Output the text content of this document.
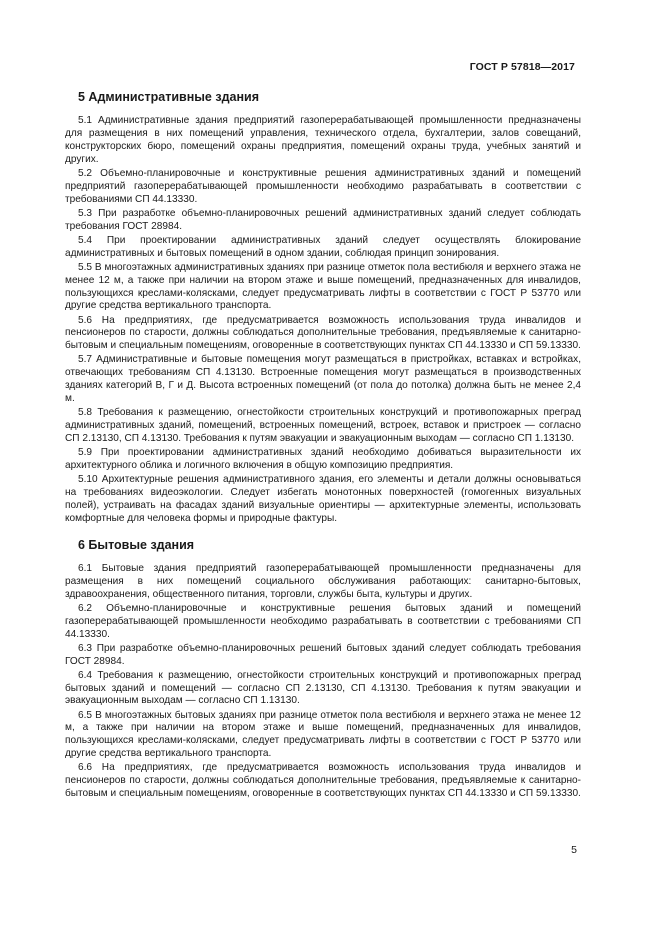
ГОСТ Р 57818—2017
5 Административные здания

5.1 Административные здания предприятий газоперерабатывающей промышленности предназначены для размещения в них помещений управления, технического отдела, бухгалтерии, залов совещаний, конструкторских бюро, помещений охраны предприятия, помещений охраны труда, учебных занятий и других.

5.2 Объемно-планировочные и конструктивные решения административных зданий и помещений предприятий газоперерабатывающей промышленности необходимо разрабатывать в соответствии с требованиями СП 44.13330.

5.3 При разработке объемно-планировочных решений административных зданий следует соблюдать требования ГОСТ 28984.

5.4 При проектировании административных зданий следует осуществлять блокирование административных и бытовых помещений в одном здании, соблюдая принцип зонирования.

5.5 В многоэтажных административных зданиях при разнице отметок пола вестибюля и верхнего этажа не менее 12 м, а также при наличии на втором этаже и выше помещений, предназначенных для инвалидов, пользующихся креслами-колясками, следует предусматривать лифты в соответствии с ГОСТ Р 53770 или другие средства вертикального транспорта.

5.6 На предприятиях, где предусматривается возможность использования труда инвалидов и пенсионеров по старости, должны соблюдаться дополнительные требования, предъявляемые к санитарно-бытовым и специальным помещениям, оговоренные в соответствующих пунктах СП 44.13330 и СП 59.13330.

5.7 Административные и бытовые помещения могут размещаться в пристройках, вставках и встройках, отвечающих требованиям СП 4.13130. Встроенные помещения могут размещаться в производственных зданиях категорий В, Г и Д. Высота встроенных помещений (от пола до потолка) должна быть не менее 2,4 м.

5.8 Требования к размещению, огнестойкости строительных конструкций и противопожарных преград административных зданий, помещений, встроенных помещений, встроек, вставок и пристроек — согласно СП 2.13130, СП 4.13130. Требования к путям эвакуации и эвакуационным выходам — согласно СП 1.13130.

5.9 При проектировании административных зданий необходимо добиваться выразительности их архитектурного облика и логичного включения в общую композицию предприятия.

5.10 Архитектурные решения административного здания, его элементы и детали должны основываться на требованиях видеоэкологии. Следует избегать монотонных поверхностей (гомогенных визуальных полей), устраивать на фасадах зданий визуальные ориентиры — архитектурные элементы, использовать комфортные для человека формы и природные фактуры.

6 Бытовые здания

6.1 Бытовые здания предприятий газоперерабатывающей промышленности предназначены для размещения в них помещений социального обслуживания работающих: санитарно-бытовых, здравоохранения, общественного питания, торговли, службы быта, культуры и других.

6.2 Объемно-планировочные и конструктивные решения бытовых зданий и помещений газоперерабатывающей промышленности необходимо разрабатывать в соответствии с требованиями СП 44.13330.

6.3 При разработке объемно-планировочных решений бытовых зданий следует соблюдать требования ГОСТ 28984.

6.4 Требования к размещению, огнестойкости строительных конструкций и противопожарных преград бытовых зданий и помещений — согласно СП 2.13130, СП 4.13130. Требования к путям эвакуации и эвакуационным выходам — согласно СП 1.13130.

6.5 В многоэтажных бытовых зданиях при разнице отметок пола вестибюля и верхнего этажа не менее 12 м, а также при наличии на втором этаже и выше помещений, предназначенных для инвалидов, пользующихся креслами-колясками, следует предусматривать лифты в соответствии с ГОСТ Р 53770 или другие средства вертикального транспорта.

6.6 На предприятиях, где предусматривается возможность использования труда инвалидов и пенсионеров по старости, должны соблюдаться дополнительные требования, предъявляемые к санитарно-бытовым и специальным помещениям, оговоренные в соответствующих пунктах СП 44.13330 и СП 59.13330.

5
